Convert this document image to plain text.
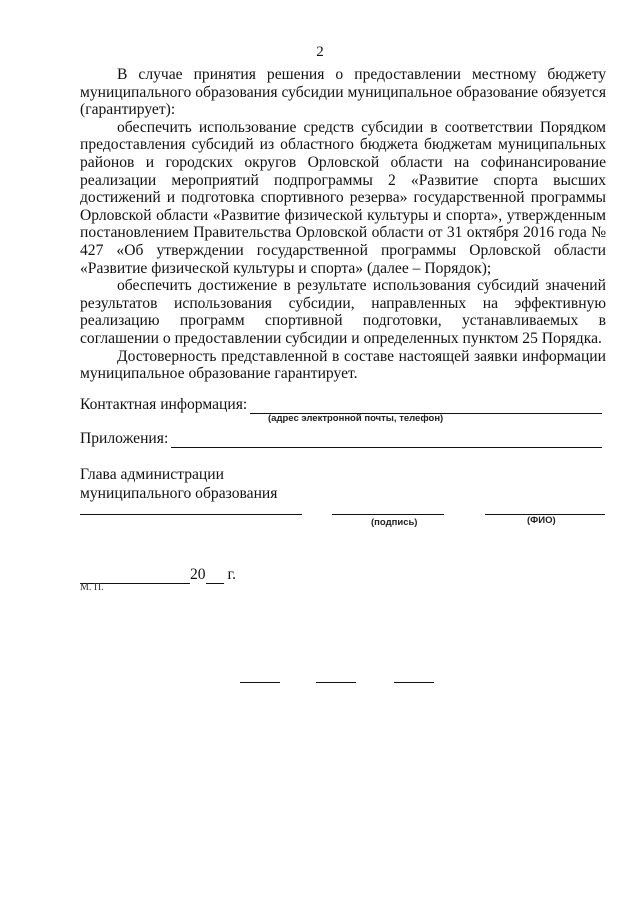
2

В случае принятия решения о предоставлении местному бюджету муниципального образования субсидии муниципальное образование обязуется (гарантирует):

обеспечить использование средств субсидии в соответствии Порядком предоставления субсидий из областного бюджета бюджетам муниципальных районов и городских округов Орловской области на софинансирование реализации мероприятий подпрограммы 2 «Развитие спорта высших достижений и подготовка спортивного резерва» государственной программы Орловской области «Развитие физической культуры и спорта», утвержденным постановлением Правительства Орловской области от 31 октября 2016 года № 427 «Об утверждении государственной программы Орловской области «Развитие физической культуры и спорта» (далее – Порядок);

обеспечить достижение в результате использования субсидий значений результатов использования субсидии, направленных на эффективную реализацию программ спортивной подготовки, устанавливаемых в соглашении о предоставлении субсидии и определенных пунктом 25 Порядка.

Достоверность представленной в составе настоящей заявки информации муниципальное образование гарантирует.

Контактная информация:
(адрес электронной почты, телефон)
Приложения:
Глава администрации
муниципального образования
(подпись)	(ФИО)
20 г.
М. П.
